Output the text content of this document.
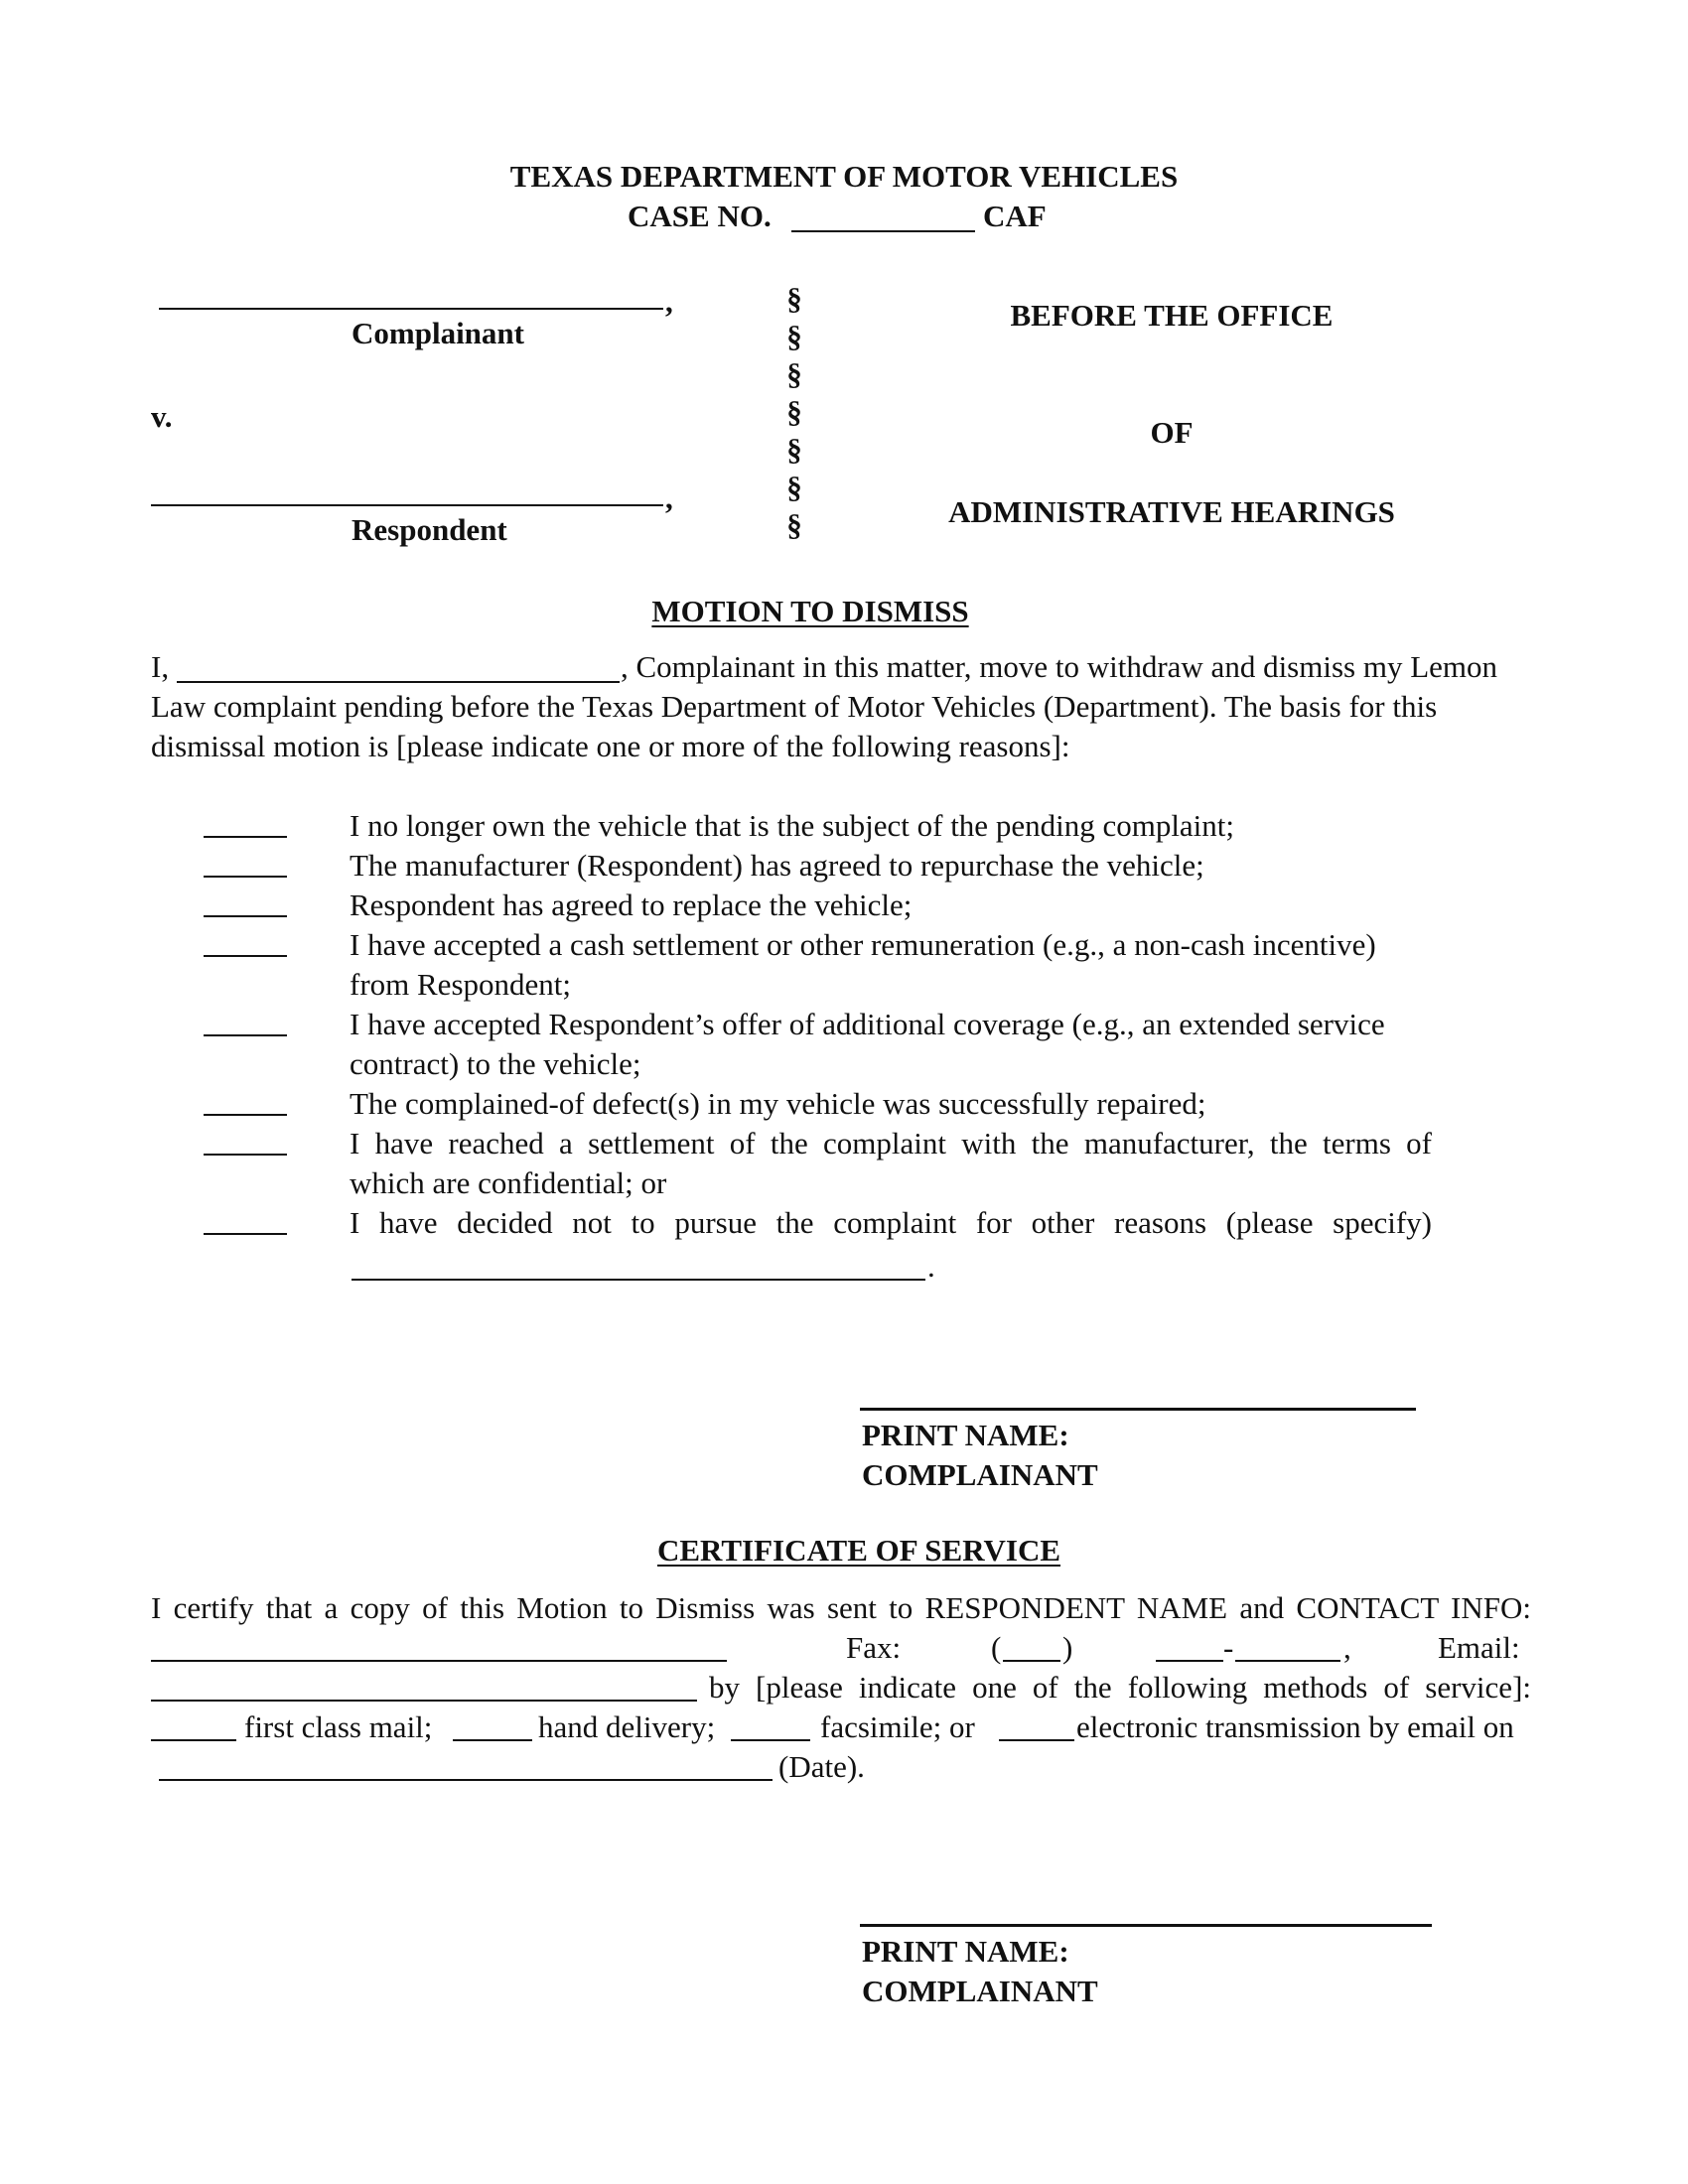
TEXAS DEPARTMENT OF MOTOR VEHICLES
CASE NO.	CAF
,
Complainant
v.
,
Respondent
§
§
§
§
§
§
§
BEFORE THE OFFICE
OF
ADMINISTRATIVE HEARINGS
MOTION TO DISMISS
I,	, Complainant in this matter, move to withdraw and dismiss my Lemon
Law complaint pending before the Texas Department of Motor Vehicles (Department). The basis for this
dismissal motion is [please indicate one or more of the following reasons]:
I no longer own the vehicle that is the subject of the pending complaint;
The manufacturer (Respondent) has agreed to repurchase the vehicle;
Respondent has agreed to replace the vehicle;
I have accepted a cash settlement or other remuneration (e.g., a non-cash incentive)
from Respondent;
I have accepted Respondent’s offer of additional coverage (e.g., an extended service
contract) to the vehicle;
The complained-of defect(s) in my vehicle was successfully repaired;
I have reached a settlement of the complaint with the manufacturer, the terms of
which are confidential; or
I have decided not to pursue the complaint for other reasons (please specify)
.
PRINT NAME:
COMPLAINANT
CERTIFICATE OF SERVICE
I certify that a copy of this Motion to Dismiss was sent to RESPONDENT NAME and CONTACT INFO:
Fax:	( )	-	,	Email:
by [please indicate one of the following methods of service]:
first class mail;	hand delivery;	facsimile; or	electronic transmission by email on
(Date).
PRINT NAME:
COMPLAINANT
